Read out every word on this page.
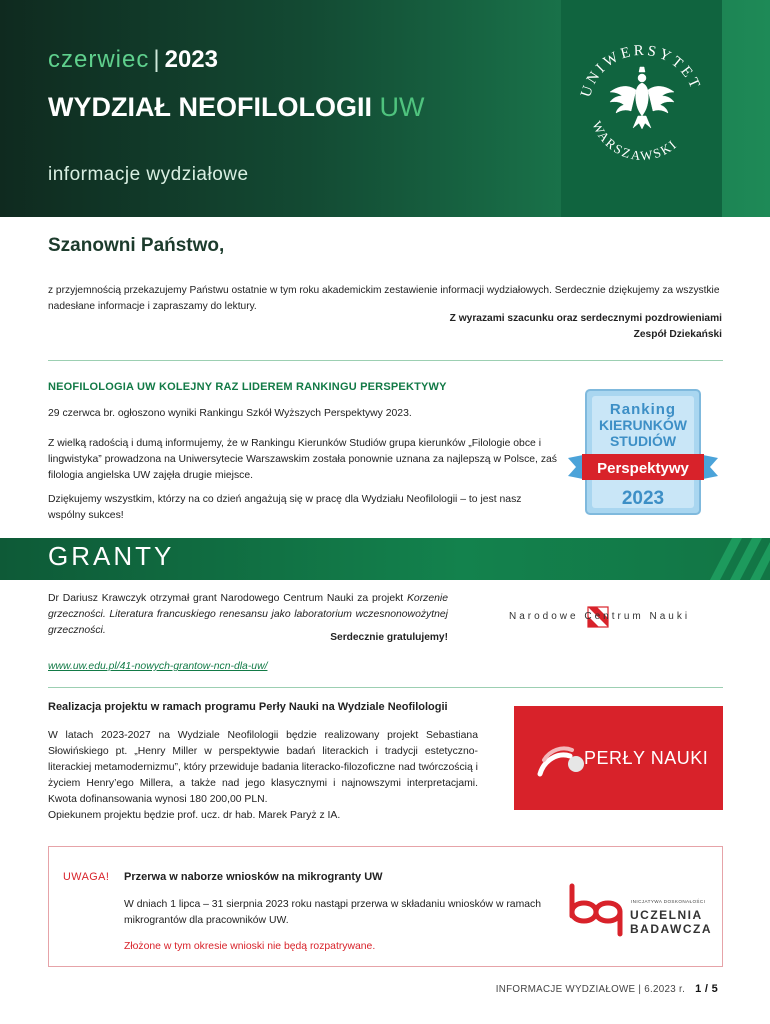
czerwiec | 2023
WYDZIAŁ NEOFILOLOGII UW
informacje wydziałowe
UNIWERSYTET
WARSZAWSKI
Szanowni Państwo,
z przyjemnością przekazujemy Państwu ostatnie w tym roku akademickim zestawienie informacji wydziałowych. Serdecznie dziękujemy za wszystkie nadesłane informacje i zapraszamy do lektury.
Z wyrazami szacunku oraz serdecznymi pozdrowieniami
Zespół Dziekański
NEOFILOLOGIA UW KOLEJNY RAZ LIDEREM RANKINGU PERSPEKTYWY
29 czerwca br. ogłoszono wyniki Rankingu Szkół Wyższych Perspektywy 2023.
Z wielką radością i dumą informujemy, że w Rankingu Kierunków Studiów grupa kierunków „Filologie obce i lingwistyka” prowadzona na Uniwersytecie Warszawskim została ponownie uznana za najlepszą w Polsce, zaś filologia angielska UW zajęła drugie miejsce.
Dziękujemy wszystkim, którzy na co dzień angażują się w pracę dla Wydziału Neofilologii – to jest nasz wspólny sukces!
Ranking
KIERUNKÓW
STUDIÓW
Perspektywy
2023
GRANTY
Dr Dariusz Krawczyk otrzymał grant Narodowego Centrum Nauki za projekt Korzenie grzeczności. Literatura francuskiego renesansu jako laboratorium wczesnonowożytnej grzeczności.
Serdecznie gratulujemy!
www.uw.edu.pl/41-nowych-grantow-ncn-dla-uw/
Narodowe Centrum Nauki
Realizacja projektu w ramach programu Perły Nauki na Wydziale Neofilologii
W latach 2023-2027 na Wydziale Neofilologii będzie realizowany projekt Sebastiana Słowińskiego pt. „Henry Miller w perspektywie badań literackich i tradycji estetyczno-literackiej metamodernizmu”, który przewiduje badania literacko-filozoficzne nad twórczością i życiem Henry’ego Millera, a także nad jego klasycznymi i najnowszymi interpretacjami. Kwota dofinansowania wynosi 180 200,00 PLN.
Opiekunem projektu będzie prof. ucz. dr hab. Marek Paryż z IA.
PERŁY NAUKI
UWAGA! Przerwa w naborze wniosków na mikrogranty UW
W dniach 1 lipca – 31 sierpnia 2023 roku nastąpi przerwa w składaniu wniosków w ramach mikrograntów dla pracowników UW.
Złożone w tym okresie wnioski nie będą rozpatrywane.
INICJATYWA DOSKONAŁOŚCI
UCZELNIA
BADAWCZA
INFORMACJE WYDZIAŁOWE | 6.2023 r. 1 / 5
